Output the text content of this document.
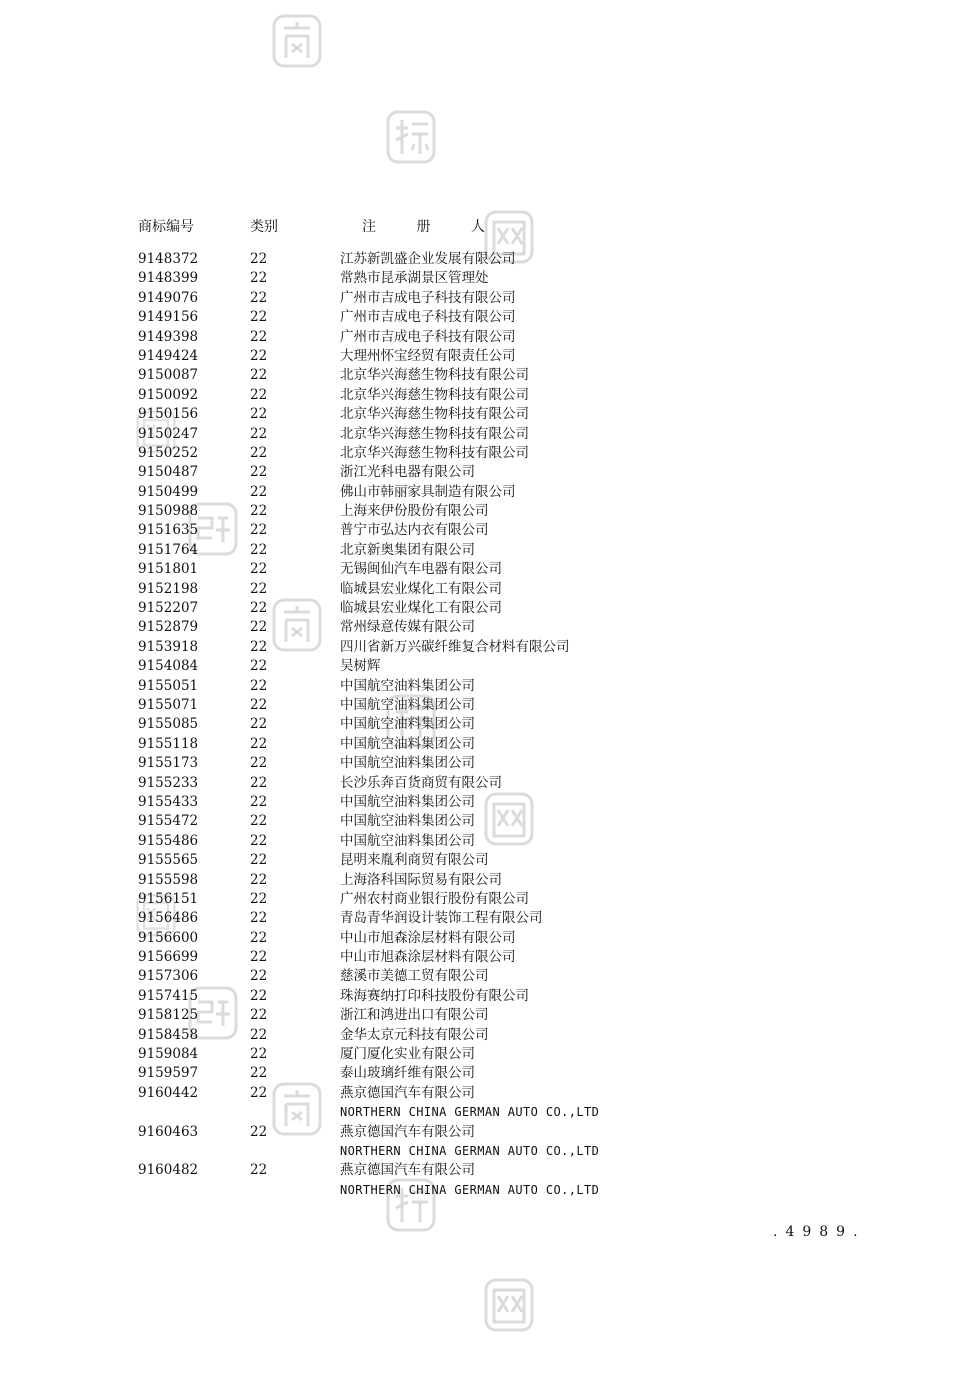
商标编号	类别	注 册 人
9148372	22	江苏新凯盛企业发展有限公司
9148399	22	常熟市昆承湖景区管理处
9149076	22	广州市吉成电子科技有限公司
9149156	22	广州市吉成电子科技有限公司
9149398	22	广州市吉成电子科技有限公司
9149424	22	大理州怀宝经贸有限责任公司
9150087	22	北京华兴海慈生物科技有限公司
9150092	22	北京华兴海慈生物科技有限公司
9150156	22	北京华兴海慈生物科技有限公司
9150247	22	北京华兴海慈生物科技有限公司
9150252	22	北京华兴海慈生物科技有限公司
9150487	22	浙江光科电器有限公司
9150499	22	佛山市韩丽家具制造有限公司
9150988	22	上海来伊份股份有限公司
9151635	22	普宁市弘达内衣有限公司
9151764	22	北京新奥集团有限公司
9151801	22	无锡闽仙汽车电器有限公司
9152198	22	临城县宏业煤化工有限公司
9152207	22	临城县宏业煤化工有限公司
9152879	22	常州绿意传媒有限公司
9153918	22	四川省新万兴碳纤维复合材料有限公司
9154084	22	吴树辉
9155051	22	中国航空油料集团公司
9155071	22	中国航空油料集团公司
9155085	22	中国航空油料集团公司
9155118	22	中国航空油料集团公司
9155173	22	中国航空油料集团公司
9155233	22	长沙乐奔百货商贸有限公司
9155433	22	中国航空油料集团公司
9155472	22	中国航空油料集团公司
9155486	22	中国航空油料集团公司
9155565	22	昆明来胤利商贸有限公司
9155598	22	上海洛科国际贸易有限公司
9156151	22	广州农村商业银行股份有限公司
9156486	22	青岛青华润设计装饰工程有限公司
9156600	22	中山市旭森涂层材料有限公司
9156699	22	中山市旭森涂层材料有限公司
9157306	22	慈溪市美德工贸有限公司
9157415	22	珠海赛纳打印科技股份有限公司
9158125	22	浙江和鸿进出口有限公司
9158458	22	金华太京元科技有限公司
9159084	22	厦门厦化实业有限公司
9159597	22	泰山玻璃纤维有限公司
9160442	22	燕京德国汽车有限公司
NORTHERN CHINA GERMAN AUTO CO.,LTD
9160463	22	燕京德国汽车有限公司
NORTHERN CHINA GERMAN AUTO CO.,LTD
9160482	22	燕京德国汽车有限公司
NORTHERN CHINA GERMAN AUTO CO.,LTD
.4989.
